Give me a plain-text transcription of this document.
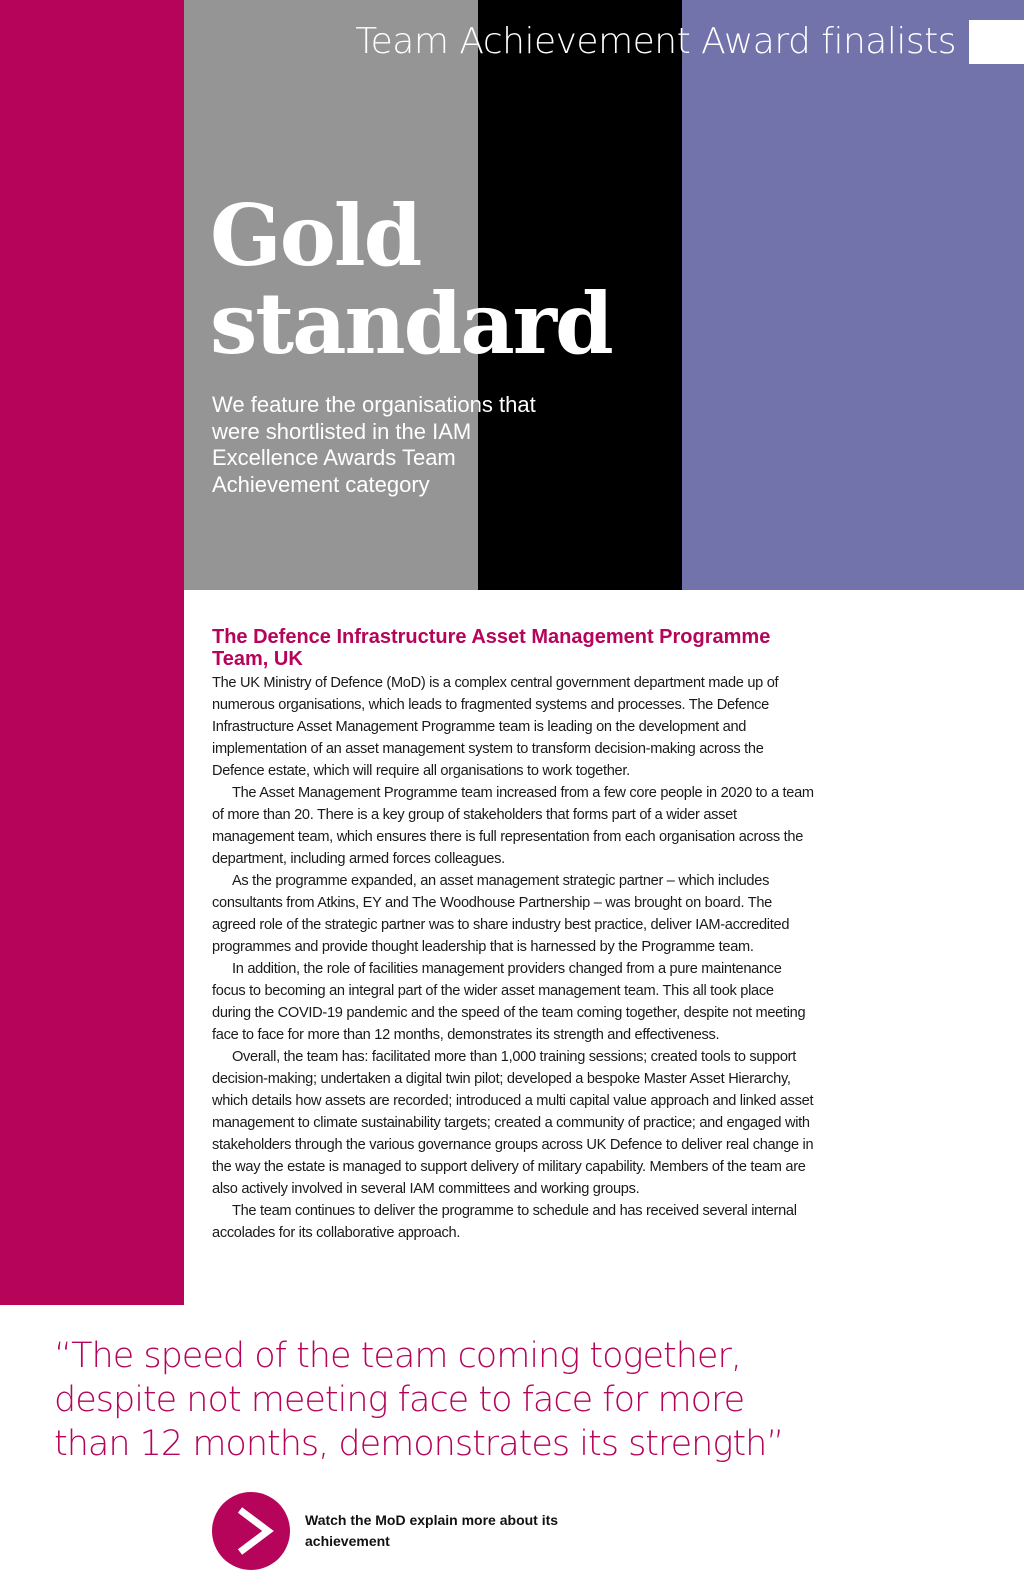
Team Achievement Award finalists
Gold
standard

We feature the organisations that were shortlisted in the IAM Excellence Awards Team Achievement category

The Defence Infrastructure Asset Management Programme Team, UK

The UK Ministry of Defence (MoD) is a complex central government department made up of numerous organisations, which leads to fragmented systems and processes. The Defence Infrastructure Asset Management Programme team is leading on the development and implementation of an asset management system to transform decision-making across the Defence estate, which will require all organisations to work together.

The Asset Management Programme team increased from a few core people in 2020 to a team of more than 20. There is a key group of stakeholders that forms part of a wider asset management team, which ensures there is full representation from each organisation across the department, including armed forces colleagues.

As the programme expanded, an asset management strategic partner – which includes consultants from Atkins, EY and The Woodhouse Partnership – was brought on board. The agreed role of the strategic partner was to share industry best practice, deliver IAM-accredited programmes and provide thought leadership that is harnessed by the Programme team.

In addition, the role of facilities management providers changed from a pure maintenance focus to becoming an integral part of the wider asset management team. This all took place during the COVID-19 pandemic and the speed of the team coming together, despite not meeting face to face for more than 12 months, demonstrates its strength and effectiveness.

Overall, the team has: facilitated more than 1,000 training sessions; created tools to support decision-making; undertaken a digital twin pilot; developed a bespoke Master Asset Hierarchy, which details how assets are recorded; introduced a multi capital value approach and linked asset management to climate sustainability targets; created a community of practice; and engaged with stakeholders through the various governance groups across UK Defence to deliver real change in the way the estate is managed to support delivery of military capability. Members of the team are also actively involved in several IAM committees and working groups.

The team continues to deliver the programme to schedule and has received several internal accolades for its collaborative approach.

“The speed of the team coming together, despite not meeting face to face for more than 12 months, demonstrates its strength”
Watch the MoD explain more about its achievement
